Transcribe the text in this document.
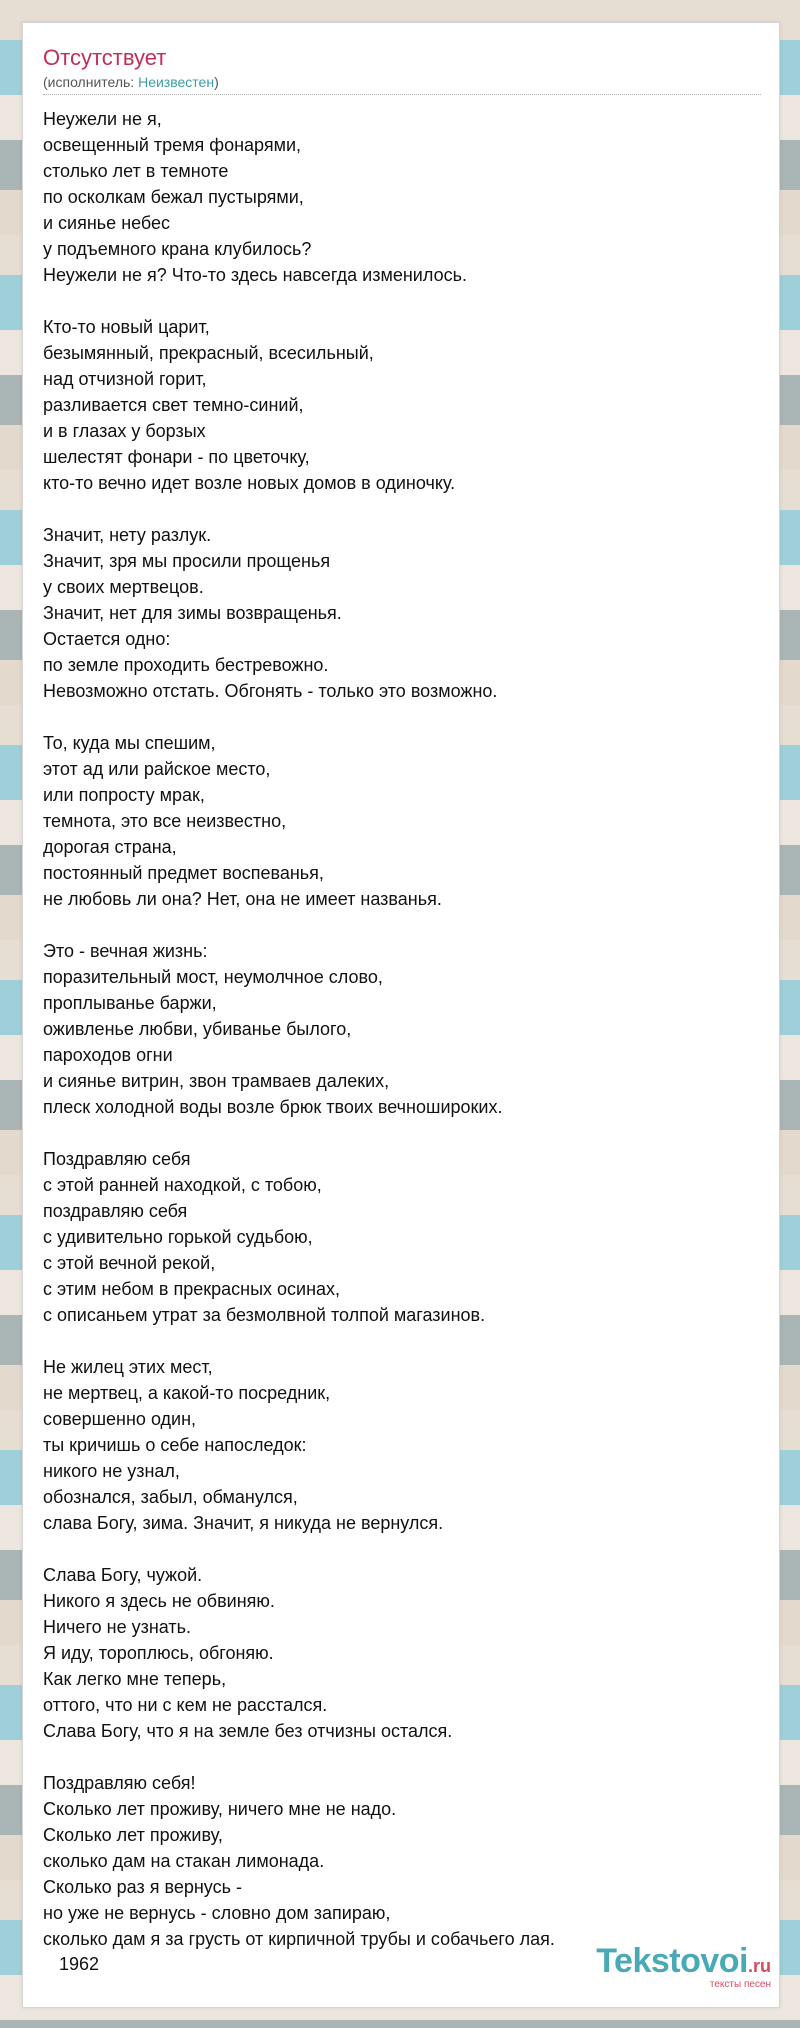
Отсутствует
(исполнитель: Неизвестен)
Неужели не я,
освещенный тремя фонарями,
столько лет в темноте
по осколкам бежал пустырями,
и сиянье небес
у подъемного крана клубилось?
Неужели не я? Что-то здесь навсегда изменилось.

Кто-то новый царит,
безымянный, прекрасный, всесильный,
над отчизной горит,
разливается свет темно-синий,
и в глазах у борзых
шелестят фонари - по цветочку,
кто-то вечно идет возле новых домов в одиночку.

Значит, нету разлук.
Значит, зря мы просили прощенья
у своих мертвецов.
Значит, нет для зимы возвращенья.
Остается одно:
по земле проходить бестревожно.
Невозможно отстать. Обгонять - только это возможно.

То, куда мы спешим,
этот ад или райское место,
или попросту мрак,
темнота, это все неизвестно,
дорогая страна,
постоянный предмет воспеванья,
не любовь ли она? Нет, она не имеет названья.

Это - вечная жизнь:
поразительный мост, неумолчное слово,
проплыванье баржи,
оживленье любви, убиванье былого,
пароходов огни
и сиянье витрин, звон трамваев далеких,
плеск холодной воды возле брюк твоих вечношироких.

Поздравляю себя
с этой ранней находкой, с тобою,
поздравляю себя
с удивительно горькой судьбою,
с этой вечной рекой,
с этим небом в прекрасных осинах,
с описаньем утрат за безмолвной толпой магазинов.

Не жилец этих мест,
не мертвец, а какой-то посредник,
совершенно один,
ты кричишь о себе напоследок:
никого не узнал,
обознался, забыл, обманулся,
слава Богу, зима. Значит, я никуда не вернулся.

Слава Богу, чужой.
Никого я здесь не обвиняю.
Ничего не узнать.
Я иду, тороплюсь, обгоняю.
Как легко мне теперь,
оттого, что ни с кем не расстался.
Слава Богу, что я на земле без отчизны остался.

Поздравляю себя!
Сколько лет проживу, ничего мне не надо.
Сколько лет проживу,
сколько дам на стакан лимонада.
Сколько раз я вернусь -
но уже не вернусь - словно дом запираю,
сколько дам я за грусть от кирпичной трубы и собачьего лая.
1962	Tekstovoi.ru
тексты песен
